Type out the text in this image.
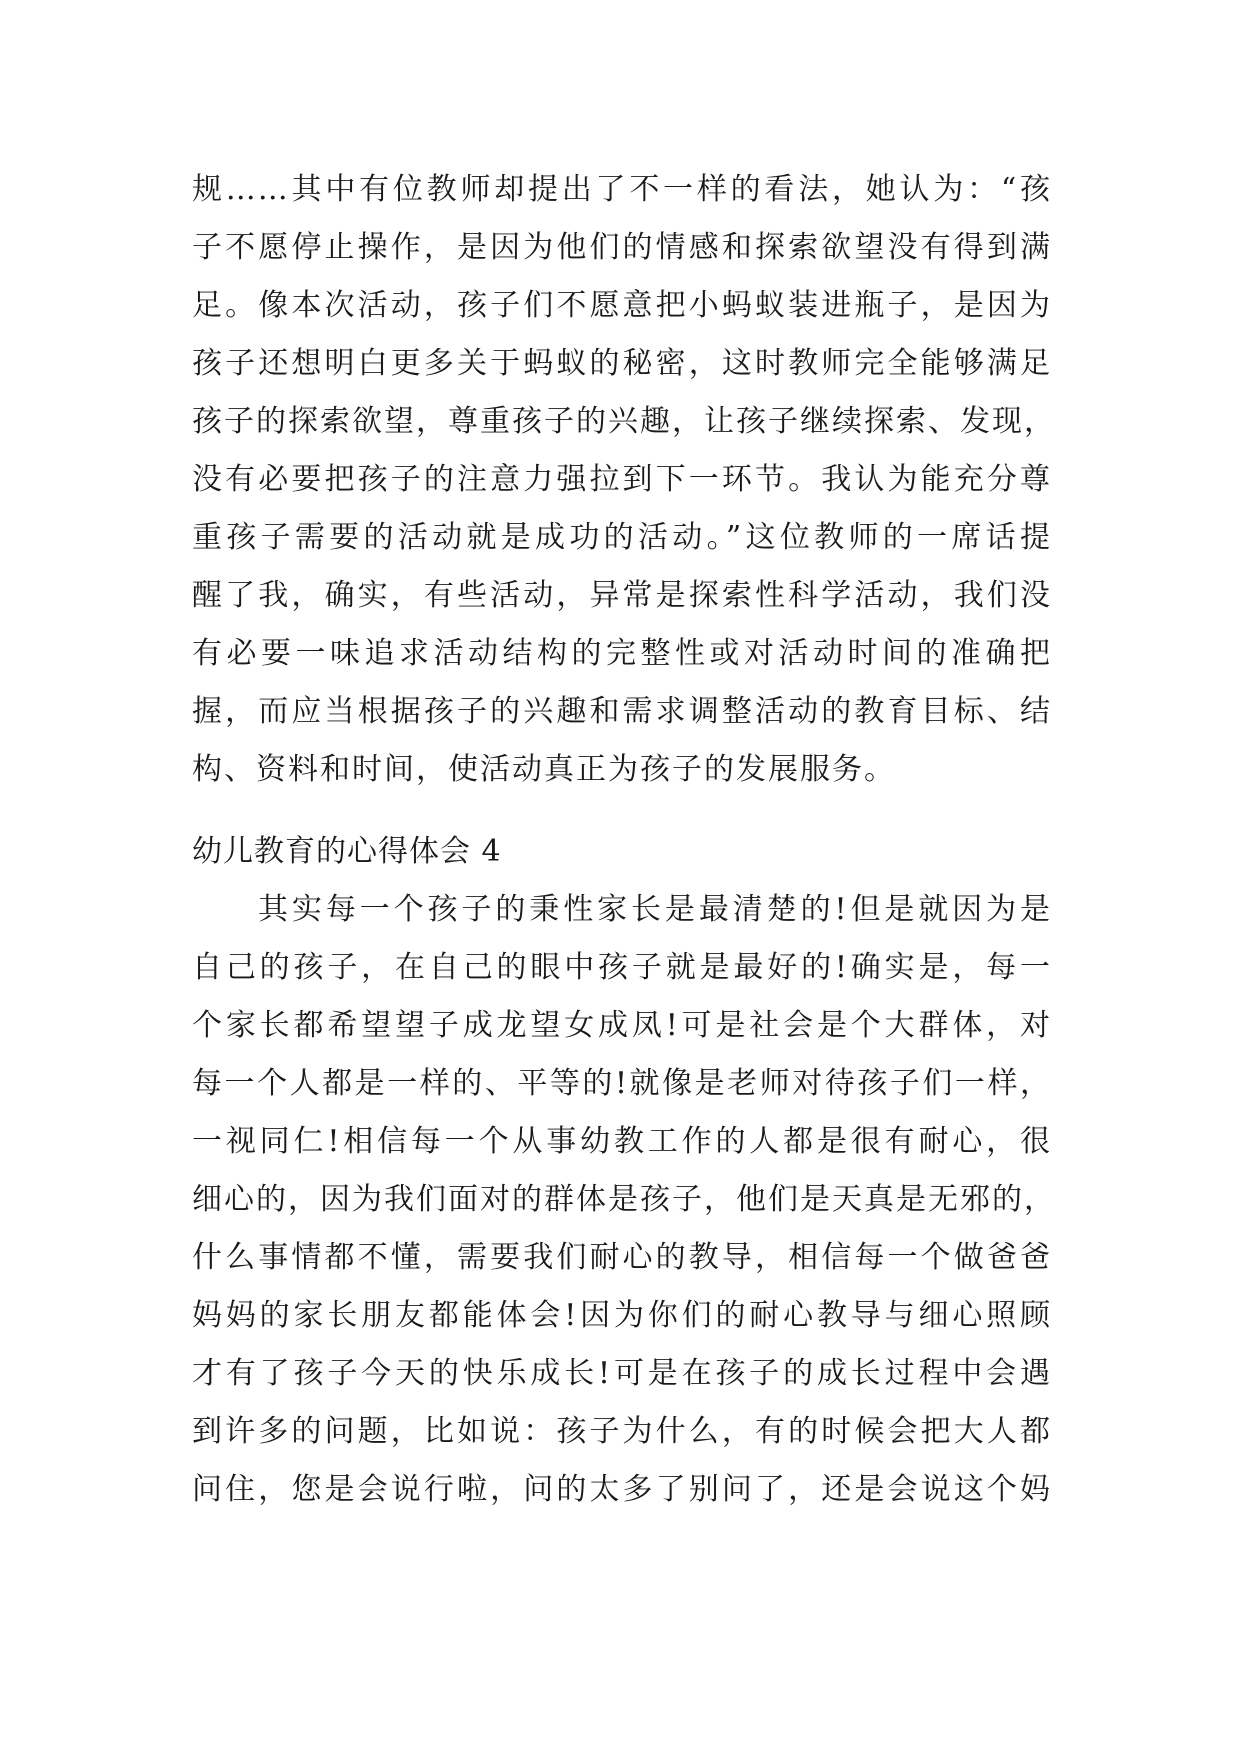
规……其中有位教师却提出了不一样的看法，她认为：“孩
子不愿停止操作，是因为他们的情感和探索欲望没有得到满
足。像本次活动，孩子们不愿意把小蚂蚁装进瓶子，是因为
孩子还想明白更多关于蚂蚁的秘密，这时教师完全能够满足
孩子的探索欲望，尊重孩子的兴趣，让孩子继续探索、发现，
没有必要把孩子的注意力强拉到下一环节。我认为能充分尊
重孩子需要的活动就是成功的活动。”这位教师的一席话提
醒了我，确实，有些活动，异常是探索性科学活动，我们没
有必要一味追求活动结构的完整性或对活动时间的准确把
握，而应当根据孩子的兴趣和需求调整活动的教育目标、结
构、资料和时间，使活动真正为孩子的发展服务。
幼儿教育的心得体会 4
其实每一个孩子的秉性家长是最清楚的!但是就因为是
自己的孩子，在自己的眼中孩子就是最好的!确实是，每一
个家长都希望望子成龙望女成凤!可是社会是个大群体，对
每一个人都是一样的、平等的!就像是老师对待孩子们一样，
一视同仁!相信每一个从事幼教工作的人都是很有耐心，很
细心的，因为我们面对的群体是孩子，他们是天真是无邪的，
什么事情都不懂，需要我们耐心的教导，相信每一个做爸爸
妈妈的家长朋友都能体会!因为你们的耐心教导与细心照顾
才有了孩子今天的快乐成长!可是在孩子的成长过程中会遇
到许多的问题，比如说：孩子为什么，有的时候会把大人都
问住，您是会说行啦，问的太多了别问了，还是会说这个妈
